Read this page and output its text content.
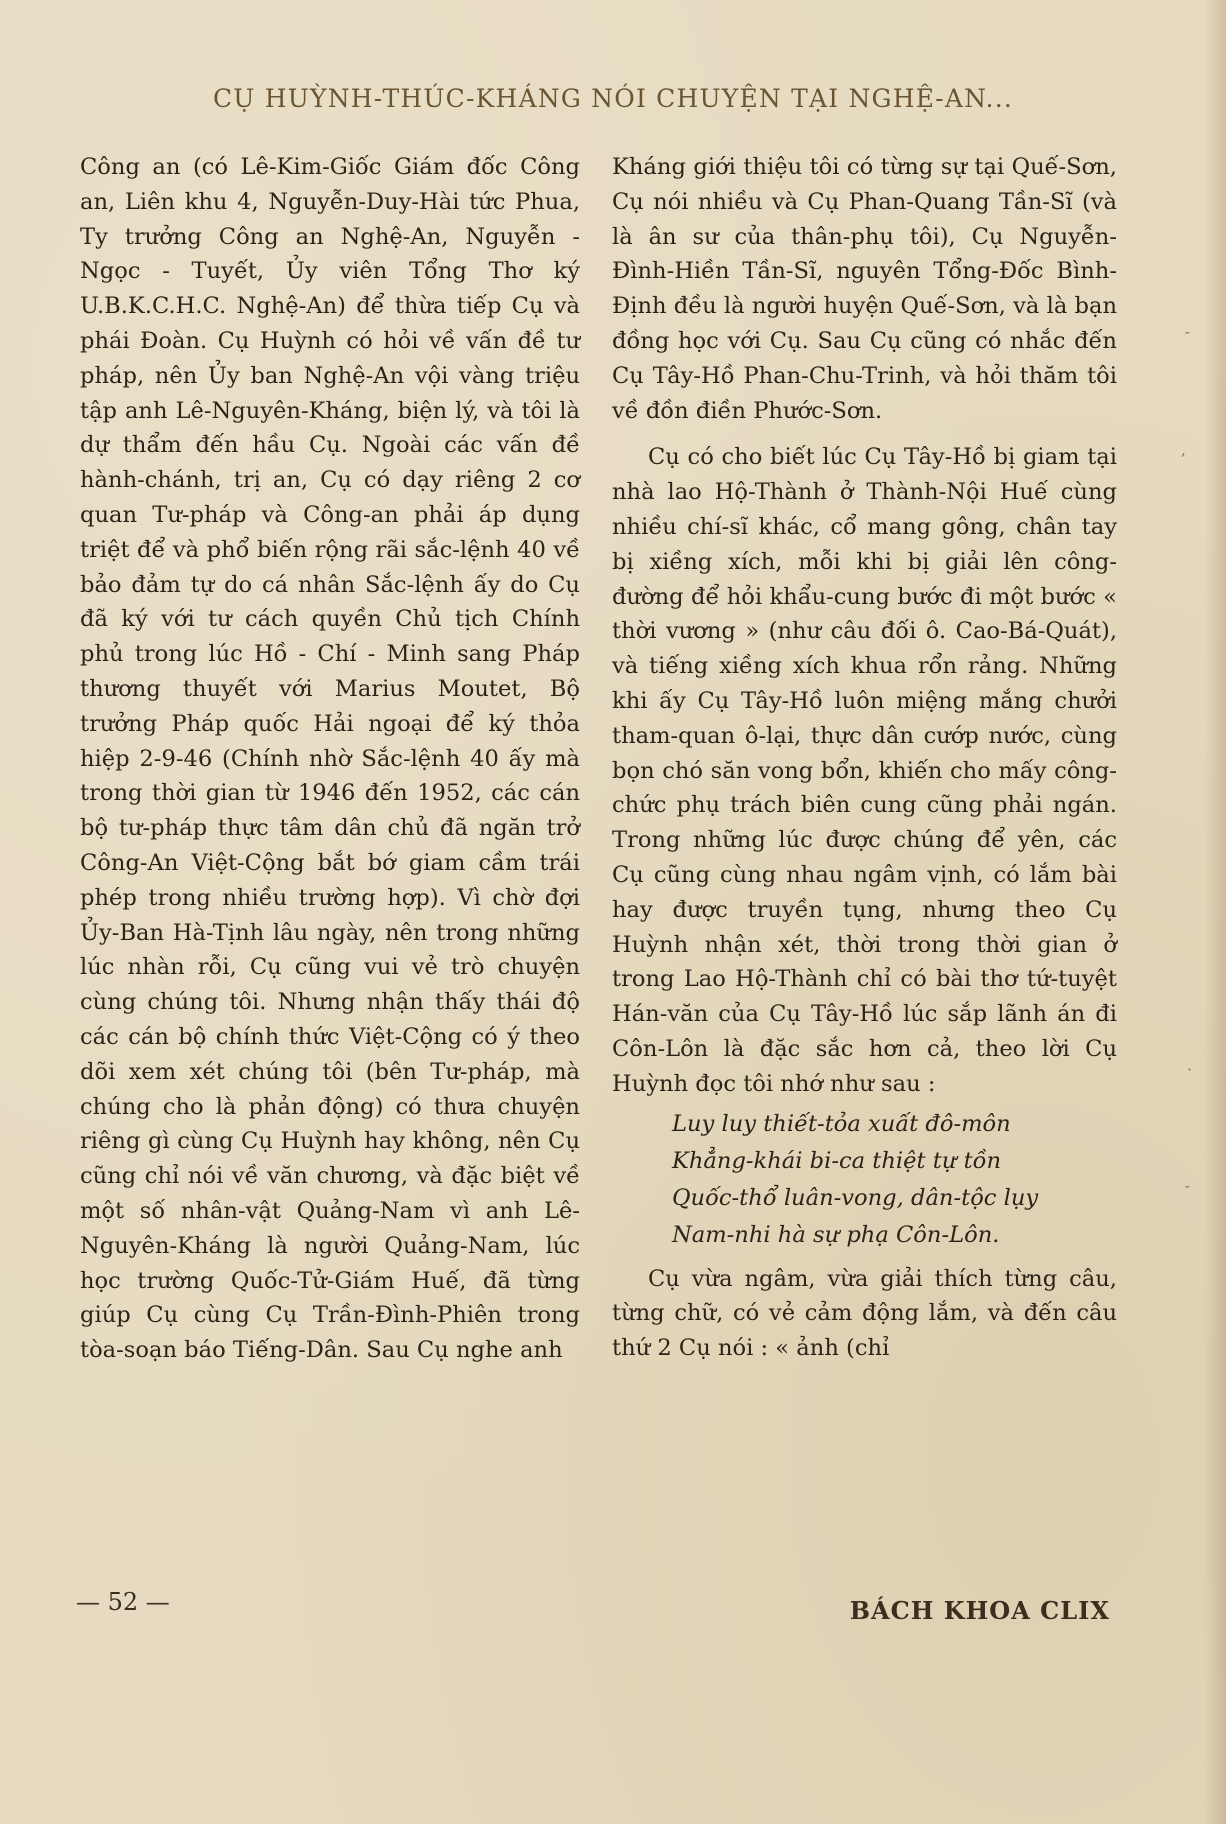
CỤ HUỲNH-THÚC-KHÁNG NÓI CHUYỆN TẠI NGHỆ-AN...

Công an (có Lê-Kim-Giốc Giám đốc Công an, Liên khu 4, Nguyễn-Duy-Hài tức Phua, Ty trưởng Công an Nghệ-An, Nguyễn - Ngọc - Tuyết, Ủy viên Tổng Thơ ký U.B.K.C.H.C. Nghệ-An) để thừa tiếp Cụ và phái Đoàn. Cụ Huỳnh có hỏi về vấn đề tư pháp, nên Ủy ban Nghệ-An vội vàng triệu tập anh Lê-Nguyên-Kháng, biện lý, và tôi là dự thẩm đến hầu Cụ. Ngoài các vấn đề hành-chánh, trị an, Cụ có dạy riêng 2 cơ quan Tư-pháp và Công-an phải áp dụng triệt để và phổ biến rộng rãi sắc-lệnh 40 về bảo đảm tự do cá nhân Sắc-lệnh ấy do Cụ đã ký với tư cách quyền Chủ tịch Chính phủ trong lúc Hồ - Chí - Minh sang Pháp thương thuyết với Marius Moutet, Bộ trưởng Pháp quốc Hải ngoại để ký thỏa hiệp 2-9-46 (Chính nhờ Sắc-lệnh 40 ấy mà trong thời gian từ 1946 đến 1952, các cán bộ tư-pháp thực tâm dân chủ đã ngăn trở Công-An Việt-Cộng bắt bớ giam cầm trái phép trong nhiều trường hợp). Vì chờ đợi Ủy-Ban Hà-Tịnh lâu ngày, nên trong những lúc nhàn rỗi, Cụ cũng vui vẻ trò chuyện cùng chúng tôi. Nhưng nhận thấy thái độ các cán bộ chính thức Việt-Cộng có ý theo dõi xem xét chúng tôi (bên Tư-pháp, mà chúng cho là phản động) có thưa chuyện riêng gì cùng Cụ Huỳnh hay không, nên Cụ cũng chỉ nói về văn chương, và đặc biệt về một số nhân-vật Quảng-Nam vì anh Lê-Nguyên-Kháng là người Quảng-Nam, lúc học trường Quốc-Tử-Giám Huế, đã từng giúp Cụ cùng Cụ Trần-Đình-Phiên trong tòa-soạn báo Tiếng-Dân. Sau Cụ nghe anh

Kháng giới thiệu tôi có từng sự tại Quế-Sơn, Cụ nói nhiều và Cụ Phan-Quang Tần-Sĩ (và là ân sư của thân-phụ tôi), Cụ Nguyễn-Đình-Hiền Tần-Sĩ, nguyên Tổng-Đốc Bình-Định đều là người huyện Quế-Sơn, và là bạn đồng học với Cụ. Sau Cụ cũng có nhắc đến Cụ Tây-Hồ Phan-Chu-Trinh, và hỏi thăm tôi về đồn điền Phước-Sơn.

Cụ có cho biết lúc Cụ Tây-Hồ bị giam tại nhà lao Hộ-Thành ở Thành-Nội Huế cùng nhiều chí-sĩ khác, cổ mang gông, chân tay bị xiềng xích, mỗi khi bị giải lên công-đường để hỏi khẩu-cung bước đi một bước « thời vương » (như câu đối ô. Cao-Bá-Quát), và tiếng xiềng xích khua rổn rảng. Những khi ấy Cụ Tây-Hồ luôn miệng mắng chưởi tham-quan ô-lại, thực dân cướp nước, cùng bọn chó săn vong bổn, khiến cho mấy công-chức phụ trách biên cung cũng phải ngán. Trong những lúc được chúng để yên, các Cụ cũng cùng nhau ngâm vịnh, có lắm bài hay được truyền tụng, nhưng theo Cụ Huỳnh nhận xét, thời trong thời gian ở trong Lao Hộ-Thành chỉ có bài thơ tứ-tuyệt Hán-văn của Cụ Tây-Hồ lúc sắp lãnh án đi Côn-Lôn là đặc sắc hơn cả, theo lời Cụ Huỳnh đọc tôi nhớ như sau :

Luy luy thiết-tỏa xuất đô-môn
Khẳng-khái bi-ca thiệt tự tồn
Quốc-thổ luân-vong, dân-tộc lụy
Nam-nhi hà sự phạ Côn-Lôn.

Cụ vừa ngâm, vừa giải thích từng câu, từng chữ, có vẻ cảm động lắm, và đến câu thứ 2 Cụ nói : « ảnh (chỉ

-
,
·
-
— 52 —	BÁCH KHOA CLIX
